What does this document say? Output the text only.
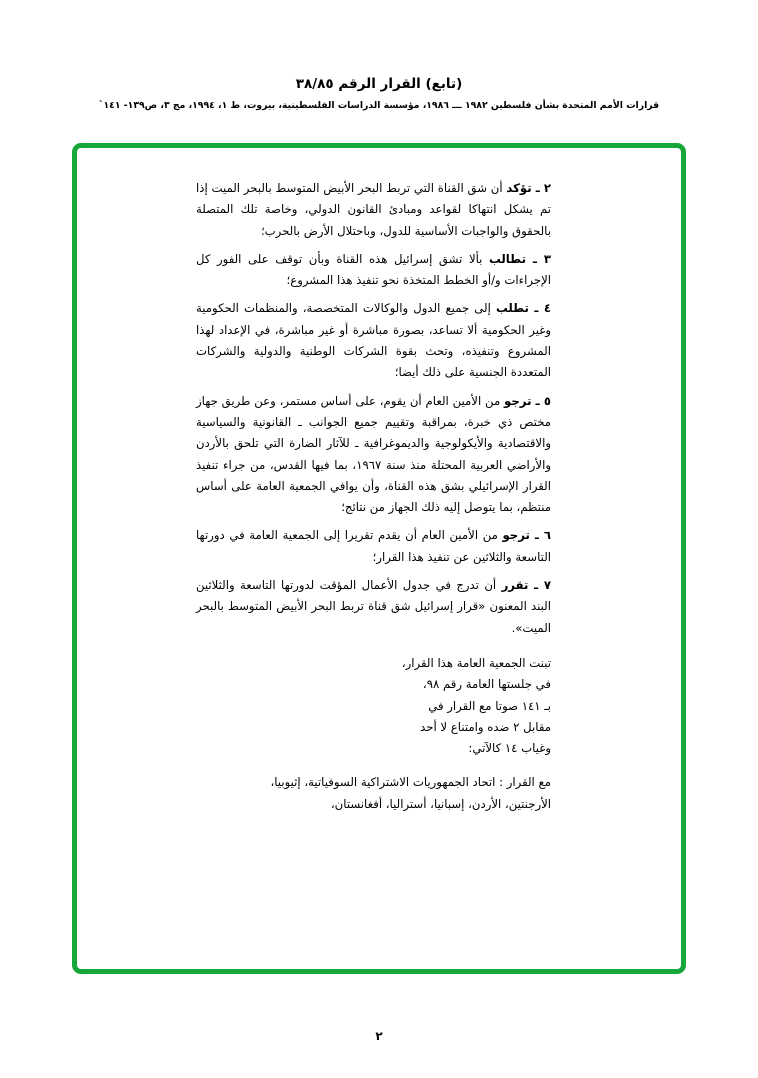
(تابع) القرار الرقم ٣٨/٨٥
قرارات الأمم المتحدة بشأن فلسطين ١٩٨٢ ـــ ١٩٨٦، مؤسسة الدراسات الفلسطينية، بيروت، ط ١، ١٩٩٤، مج ٣، ص١٣٩- ١٤١`

٢ ـ تؤكد أن شق القناة التي تربط البحر الأبيض المتوسط بالبحر الميت إذا تم يشكل انتهاكا لقواعد ومبادئ القانون الدولي، وخاصة تلك المتصلة بالحقوق والواجبات الأساسية للدول، وباحتلال الأرض بالحرب؛

٣ ـ تطالب بألا تشق إسرائيل هذه القناة وبأن توقف على الفور كل الإجراءات و/أو الخطط المتخذة نحو تنفيذ هذا المشروع؛

٤ ـ تطلب إلى جميع الدول والوكالات المتخصصة، والمنظمات الحكومية وغير الحكومية ألا تساعد، بصورة مباشرة أو غير مباشرة، في الإعداد لهذا المشروع وتنفيذه، وتحث بقوة الشركات الوطنية والدولية والشركات المتعددة الجنسية على ذلك أيضا؛

٥ ـ ترجو من الأمين العام أن يقوم، على أساس مستمر، وعن طريق جهاز مختص ذي خبرة، بمراقبة وتقييم جميع الجوانب ـ القانونية والسياسية والاقتصادية والأيكولوجية والديموغرافية ـ للآثار الضارة التي تلحق بالأردن والأراضي العربية المحتلة منذ سنة ١٩٦٧، بما فيها القدس، من جراء تنفيذ القرار الإسرائيلي بشق هذه القناة، وأن يوافي الجمعية العامة على أساس منتظم، بما يتوصل إليه ذلك الجهاز من نتائج؛

٦ ـ ترجو من الأمين العام أن يقدم تقريرا إلى الجمعية العامة في دورتها التاسعة والثلاثين عن تنفيذ هذا القرار؛

٧ ـ تقرر أن تدرج في جدول الأعمال المؤقت لدورتها التاسعة والثلاثين البند المعنون «قرار إسرائيل شق قناة تربط البحر الأبيض المتوسط بالبحر الميت».

تبنت الجمعية العامة هذا القرار،

في جلستها العامة رقم ٩٨،

بـ ١٤١ صوتا مع القرار في

مقابل ٢ ضده وامتناع لا أحد

وغياب ١٤ كالآتي:

مع القرار : اتحاد الجمهوريات الاشتراكية السوفياتية، إثيوبيا،

الأرجنتين، الأردن، إسبانيا، أستراليا، أفغانستان،

٢
